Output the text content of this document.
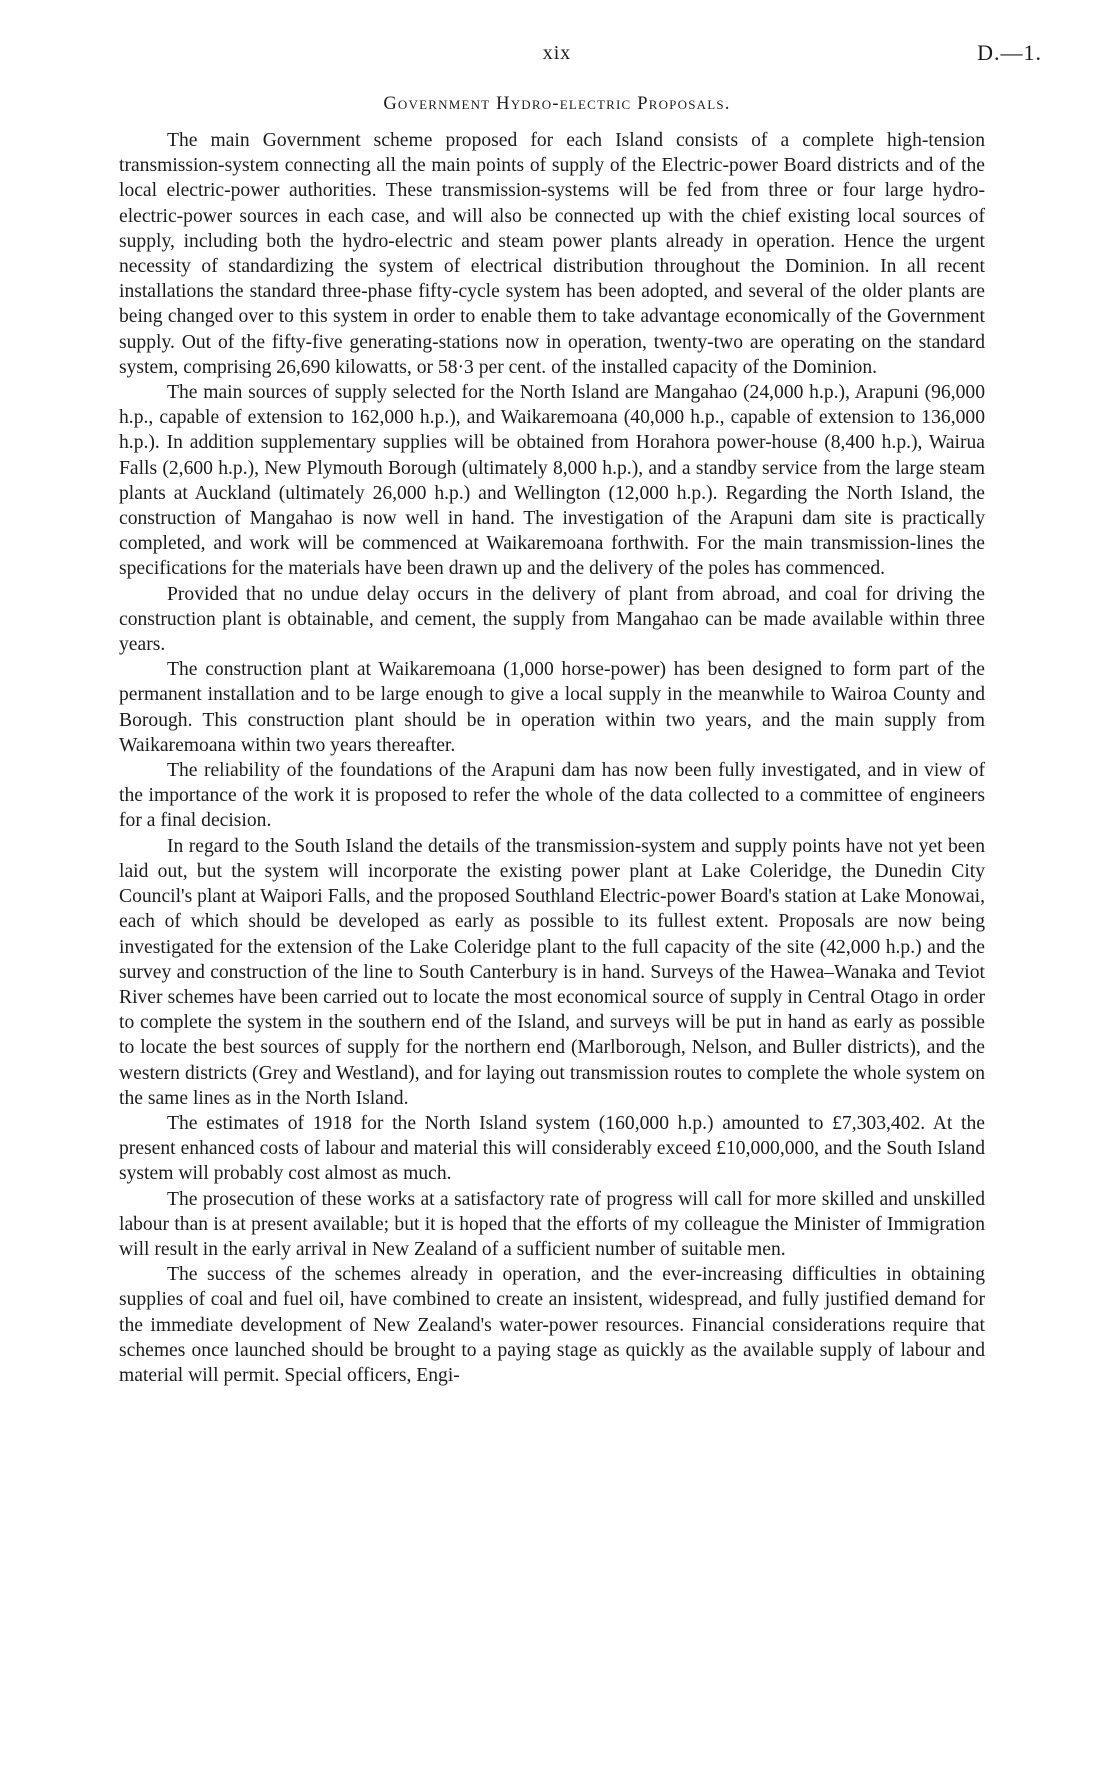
xix	D.—1.
Government Hydro-electric Proposals.

The main Government scheme proposed for each Island consists of a complete high-tension transmission-system connecting all the main points of supply of the Electric-power Board districts and of the local electric-power authorities. These transmission-systems will be fed from three or four large hydro-electric-power sources in each case, and will also be connected up with the chief existing local sources of supply, including both the hydro-electric and steam power plants already in operation. Hence the urgent necessity of standardizing the system of electrical distribution throughout the Dominion. In all recent installations the standard three-phase fifty-cycle system has been adopted, and several of the older plants are being changed over to this system in order to enable them to take advantage economically of the Government supply. Out of the fifty-five generating-stations now in operation, twenty-two are operating on the standard system, comprising 26,690 kilowatts, or 58·3 per cent. of the installed capacity of the Dominion.

The main sources of supply selected for the North Island are Mangahao (24,000 h.p.), Arapuni (96,000 h.p., capable of extension to 162,000 h.p.), and Waikaremoana (40,000 h.p., capable of extension to 136,000 h.p.). In addition supplementary supplies will be obtained from Horahora power-house (8,400 h.p.), Wairua Falls (2,600 h.p.), New Plymouth Borough (ultimately 8,000 h.p.), and a standby service from the large steam plants at Auckland (ultimately 26,000 h.p.) and Wellington (12,000 h.p.). Regarding the North Island, the construction of Mangahao is now well in hand. The investigation of the Arapuni dam site is practically completed, and work will be commenced at Waikaremoana forthwith. For the main transmission-lines the specifications for the materials have been drawn up and the delivery of the poles has commenced.

Provided that no undue delay occurs in the delivery of plant from abroad, and coal for driving the construction plant is obtainable, and cement, the supply from Mangahao can be made available within three years.

The construction plant at Waikaremoana (1,000 horse-power) has been designed to form part of the permanent installation and to be large enough to give a local supply in the meanwhile to Wairoa County and Borough. This construction plant should be in operation within two years, and the main supply from Waikaremoana within two years thereafter.

The reliability of the foundations of the Arapuni dam has now been fully investigated, and in view of the importance of the work it is proposed to refer the whole of the data collected to a committee of engineers for a final decision.

In regard to the South Island the details of the transmission-system and supply points have not yet been laid out, but the system will incorporate the existing power plant at Lake Coleridge, the Dunedin City Council's plant at Waipori Falls, and the proposed Southland Electric-power Board's station at Lake Monowai, each of which should be developed as early as possible to its fullest extent. Proposals are now being investigated for the extension of the Lake Coleridge plant to the full capacity of the site (42,000 h.p.) and the survey and construction of the line to South Canterbury is in hand. Surveys of the Hawea–Wanaka and Teviot River schemes have been carried out to locate the most economical source of supply in Central Otago in order to complete the system in the southern end of the Island, and surveys will be put in hand as early as possible to locate the best sources of supply for the northern end (Marlborough, Nelson, and Buller districts), and the western districts (Grey and Westland), and for laying out transmission routes to complete the whole system on the same lines as in the North Island.

The estimates of 1918 for the North Island system (160,000 h.p.) amounted to £7,303,402. At the present enhanced costs of labour and material this will considerably exceed £10,000,000, and the South Island system will probably cost almost as much.

The prosecution of these works at a satisfactory rate of progress will call for more skilled and unskilled labour than is at present available; but it is hoped that the efforts of my colleague the Minister of Immigration will result in the early arrival in New Zealand of a sufficient number of suitable men.

The success of the schemes already in operation, and the ever-increasing difficulties in obtaining supplies of coal and fuel oil, have combined to create an insistent, widespread, and fully justified demand for the immediate development of New Zealand's water-power resources. Financial considerations require that schemes once launched should be brought to a paying stage as quickly as the available supply of labour and material will permit. Special officers, Engi-
